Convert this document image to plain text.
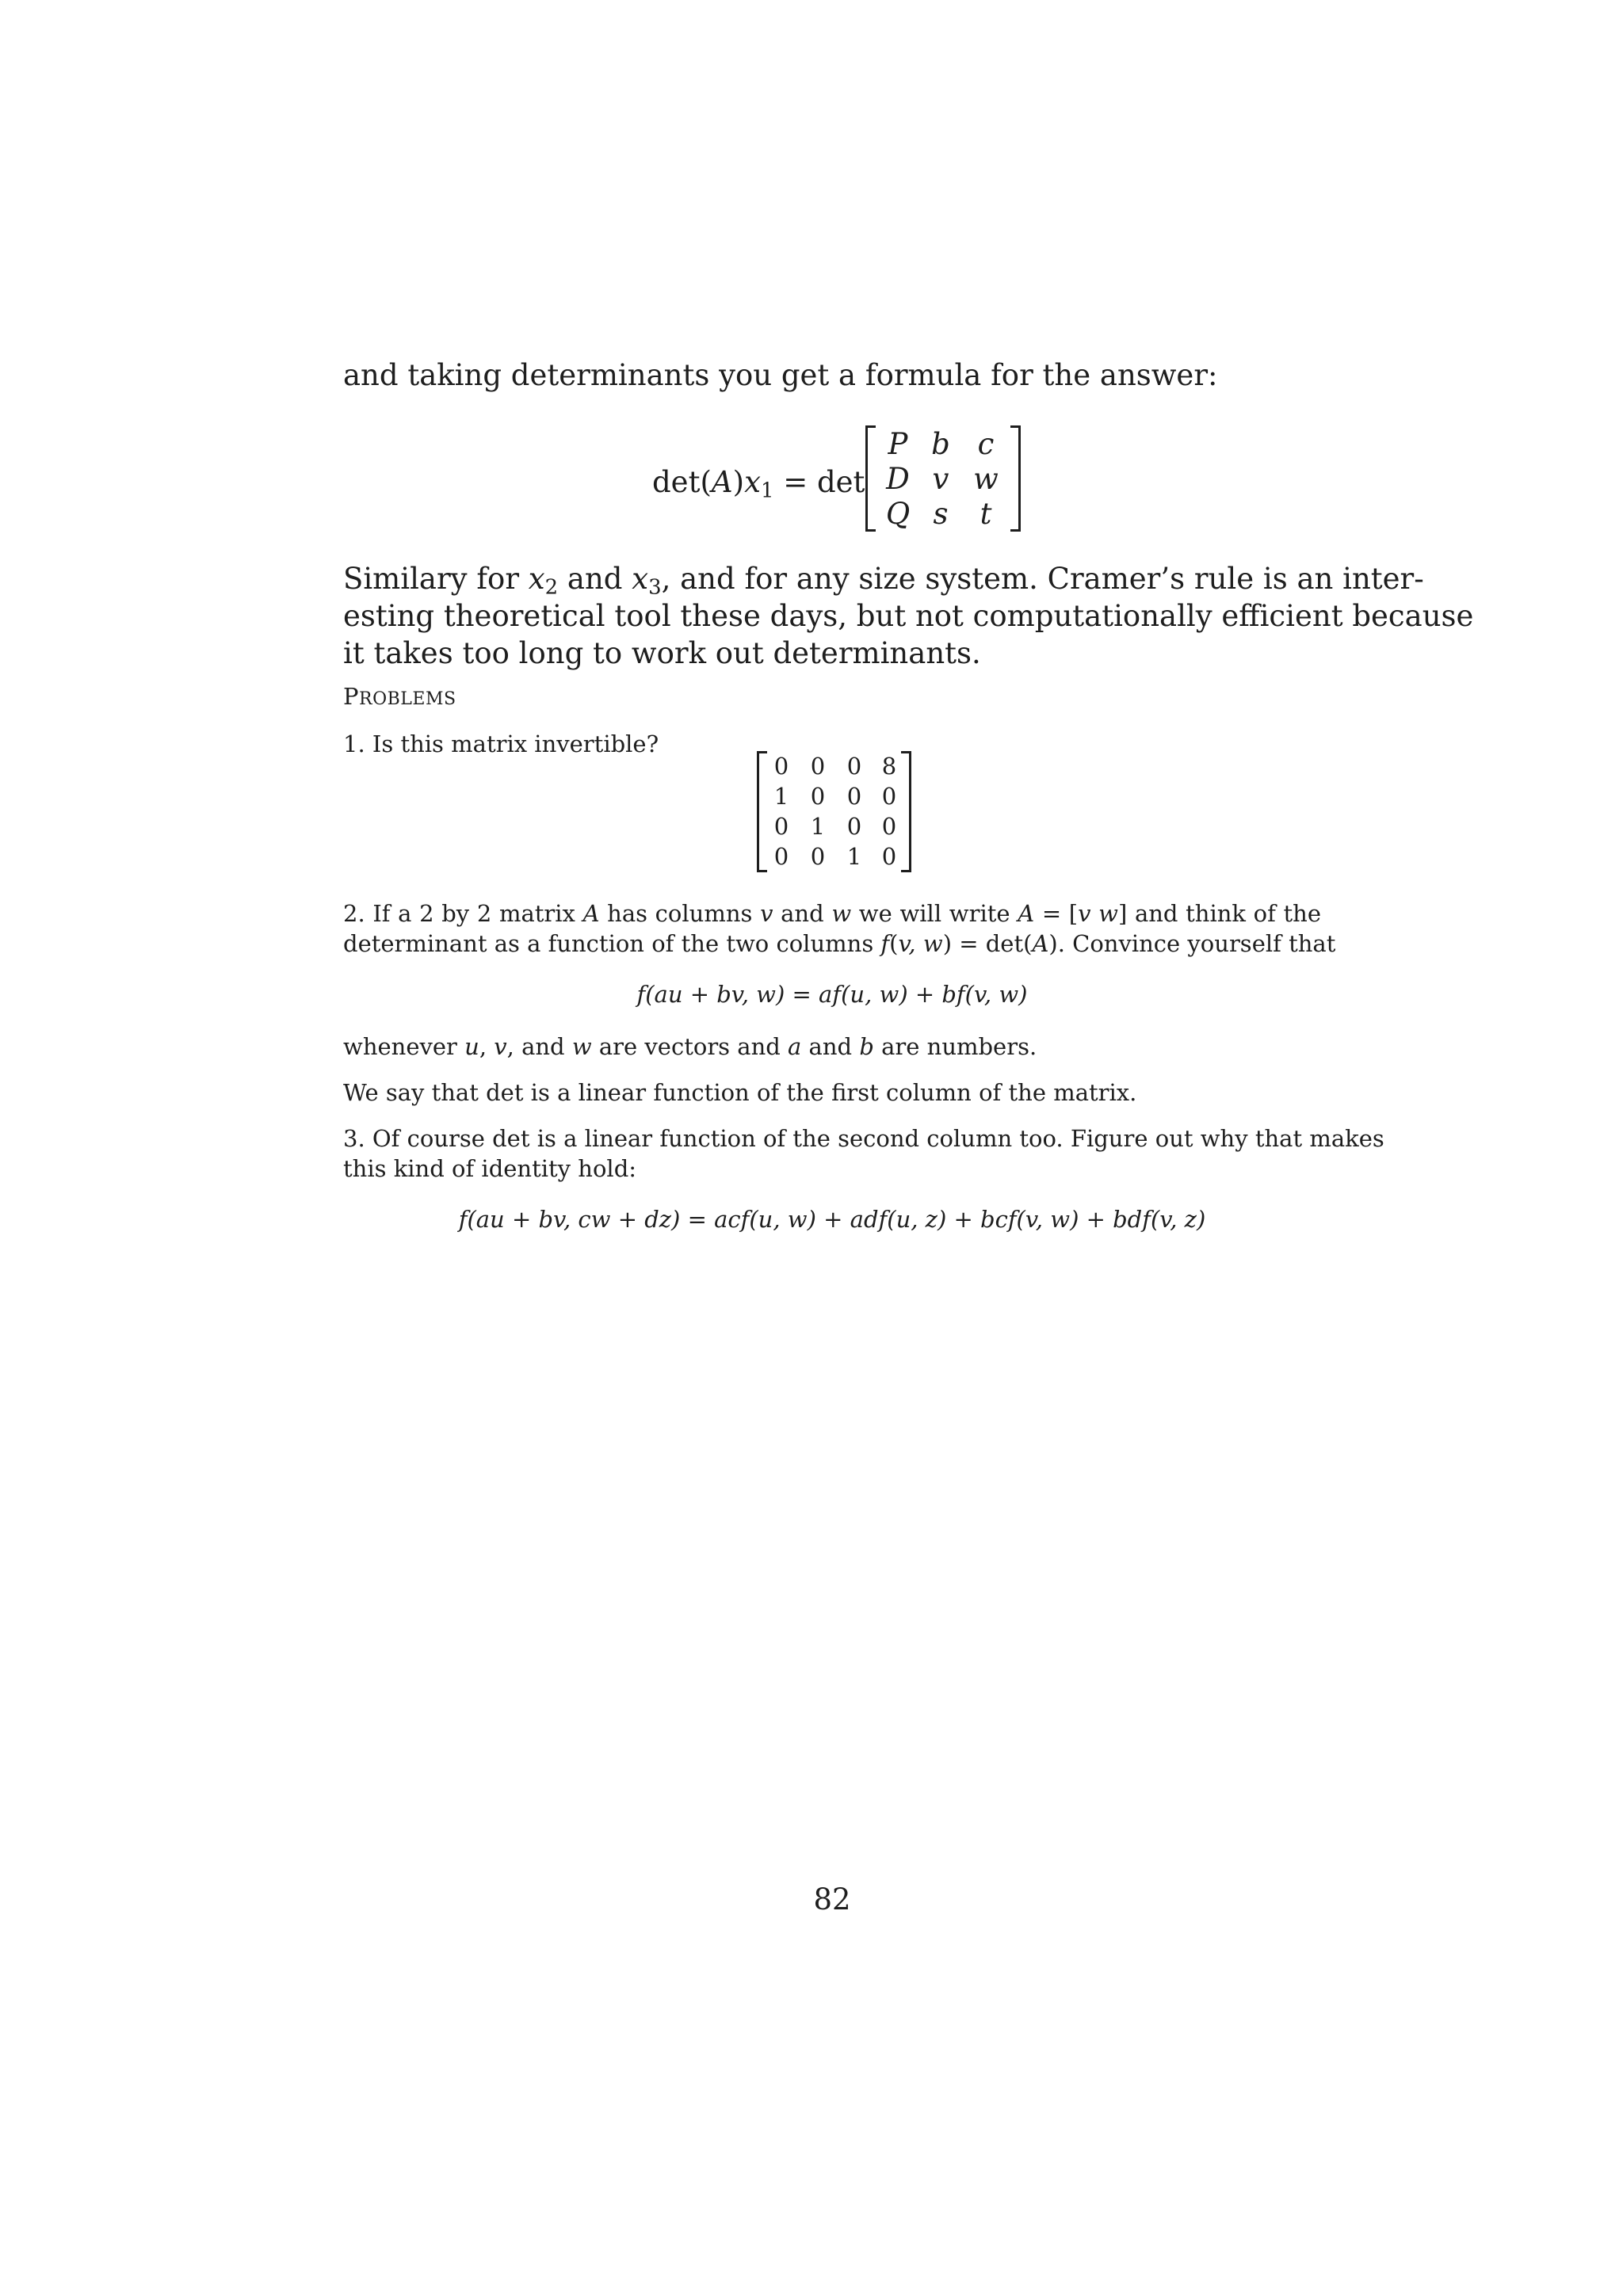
and taking determinants you get a formula for the answer:
$\det(A)x_1 = \det$
P b c
D v w
Q s	t
Similary for $x_2$ and $x_3$, and for any size system. Cramer’s rule is an inter-
esting theoretical tool these days, but not computationally efficient because
it takes too long to work out determinants.
PROBLEMS
1. Is this matrix invertible?
0 0 0 8
1 0 0 0
0 1 0 0
0 0 1 0
2. If a 2 by 2 matrix A has columns v and w we will write A = [v w] and think of the
determinant as a function of the two columns f(v, w) = det(A). Convince yourself that
f(au + bv, w) = af(u, w) + bf(v, w)
whenever u, v, and w are vectors and a and b are numbers.
We say that det is a linear function of the first column of the matrix.
3. Of course det is a linear function of the second column too. Figure out why that makes
this kind of identity hold:
f(au + bv, cw + dz) = acf(u, w) + adf(u, z) + bcf(v, w) + bdf(v, z)
82
